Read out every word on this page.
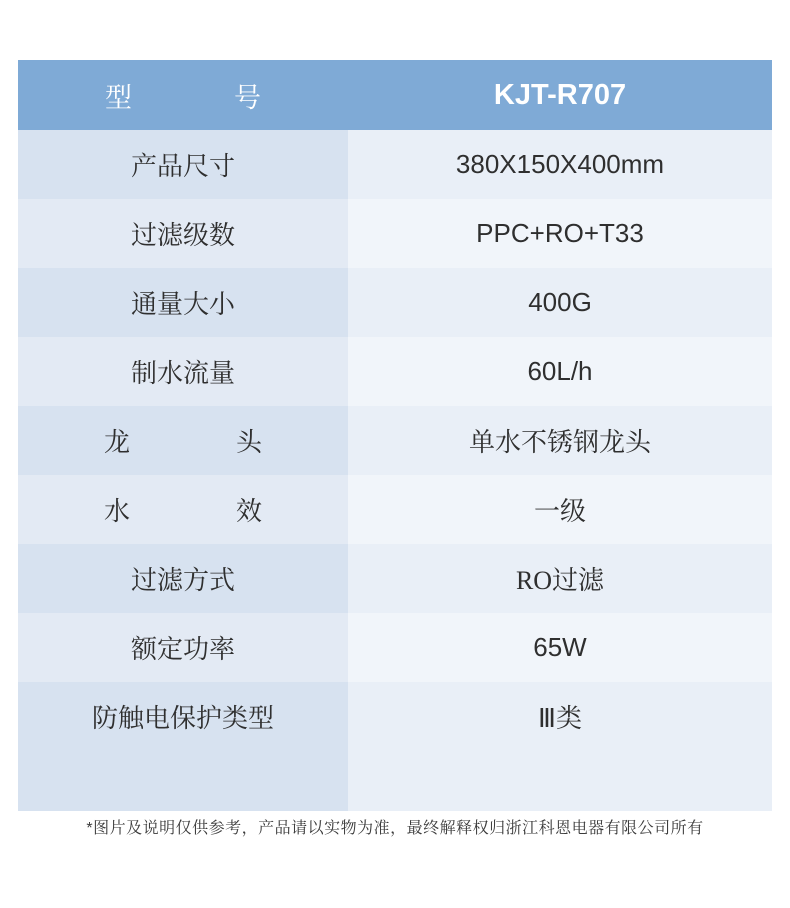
型　　号	KJT-R707
产品尺寸	380X150X400mm
过滤级数	PPC+RO+T33
通量大小	400G
制水流量	60L/h
龙　　头	单水不锈钢龙头
水　　效	一级
过滤方式	RO过滤
额定功率	65W
防触电保护类型	Ⅲ类

*图片及说明仅供参考，产品请以实物为准，最终解释权归浙江科恩电器有限公司所有
